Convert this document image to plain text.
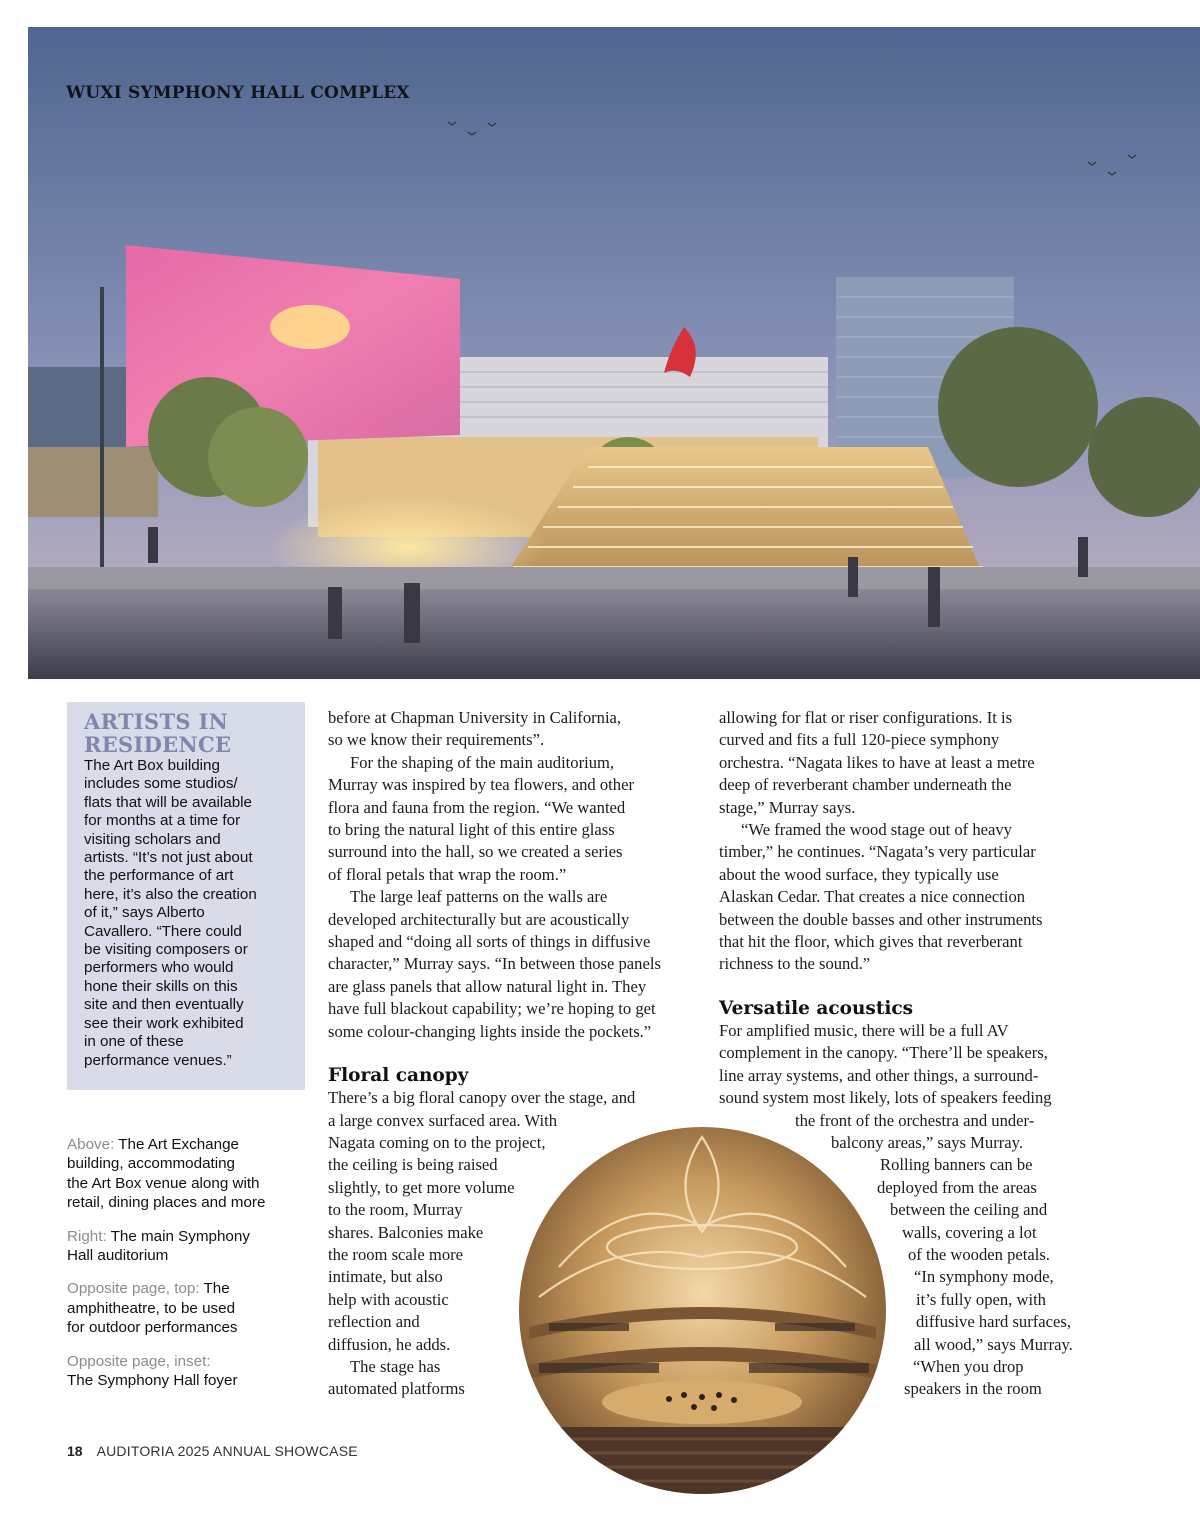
WUXI SYMPHONY HALL COMPLEX
ARTISTS IN
RESIDENCE
The Art Box building
includes some studios/
flats that will be available
for months at a time for
visiting scholars and
artists. “It’s not just about
the performance of art
here, it’s also the creation
of it,” says Alberto
Cavallero. “There could
be visiting composers or
performers who would
hone their skills on this
site and then eventually
see their work exhibited
in one of these
performance venues.”
Above: The Art Exchange
building, accommodating
the Art Box venue along with
retail, dining places and more
Right: The main Symphony
Hall auditorium
Opposite page, top: The
amphitheatre, to be used
for outdoor performances
Opposite page, inset:
The Symphony Hall foyer

before at Chapman University in California,
so we know their requirements”.

For the shaping of the main auditorium,
Murray was inspired by tea flowers, and other
flora and fauna from the region. “We wanted
to bring the natural light of this entire glass
surround into the hall, so we created a series
of floral petals that wrap the room.”

The large leaf patterns on the walls are
developed architecturally but are acoustically
shaped and “doing all sorts of things in diffusive
character,” Murray says. “In between those panels
are glass panels that allow natural light in. They
have full blackout capability; we’re hoping to get
some colour-changing lights inside the pockets.”

Floral canopy

There’s a big floral canopy over the stage, and
a large convex surfaced area. With
Nagata coming on to the project,
the ceiling is being raised
slightly, to get more volume
to the room, Murray
shares. Balconies make
the room scale more
intimate, but also
help with acoustic
reflection and
diffusion, he adds.

The stage has
automated platforms

allowing for flat or riser configurations. It is
curved and fits a full 120-piece symphony
orchestra. “Nagata likes to have at least a metre
deep of reverberant chamber underneath the
stage,” Murray says.

“We framed the wood stage out of heavy
timber,” he continues. “Nagata’s very particular
about the wood surface, they typically use
Alaskan Cedar. That creates a nice connection
between the double basses and other instruments
that hit the floor, which gives that reverberant
richness to the sound.”

Versatile acoustics

For amplified music, there will be a full AV
complement in the canopy. “There’ll be speakers,
line array systems, and other things, a surround-
sound system most likely, lots of speakers feeding
the front of the orchestra and under-
balcony areas,” says Murray.
Rolling banners can be
deployed from the areas
between the ceiling and
walls, covering a lot
of the wooden petals.
“In symphony mode,
it’s fully open, with
diffusive hard surfaces,
all wood,” says Murray.
“When you drop
speakers in the room

18 AUDITORIA 2025 ANNUAL SHOWCASE
